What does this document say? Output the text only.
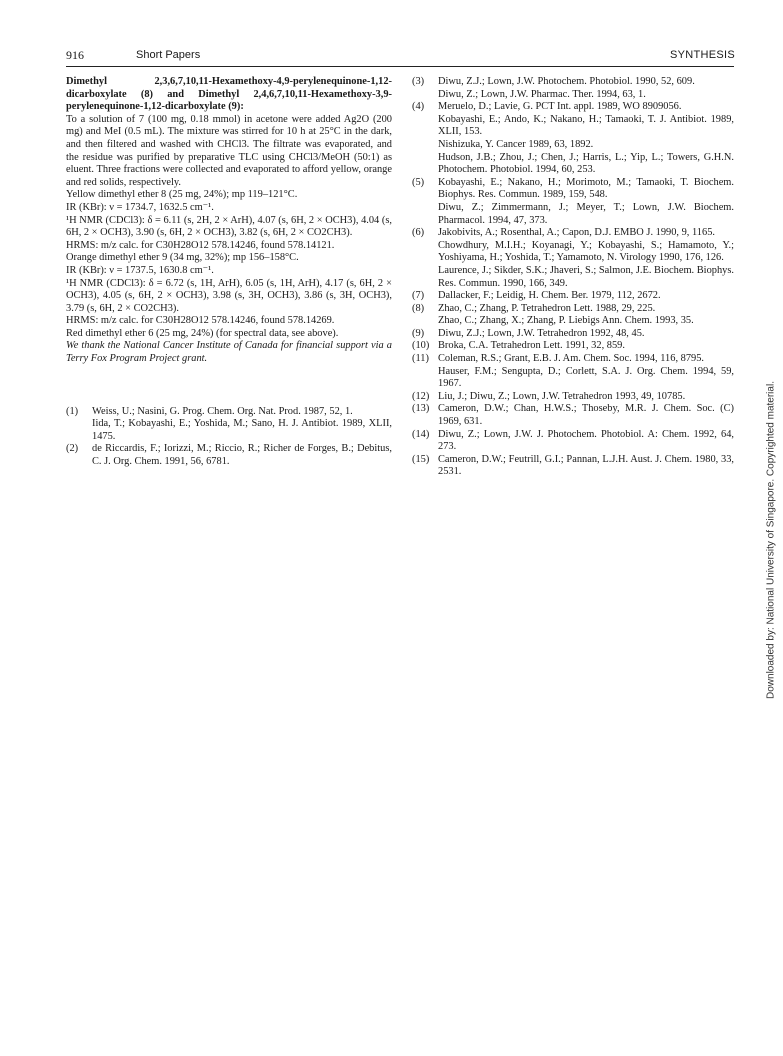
916	Short Papers	SYNTHESIS

Dimethyl 2,3,6,7,10,11-Hexamethoxy-4,9-perylenequinone-1,12-dicarboxylate (8) and Dimethyl 2,4,6,7,10,11-Hexamethoxy-3,9-perylenequinone-1,12-dicarboxylate (9):

To a solution of 7 (100 mg, 0.18 mmol) in acetone were added Ag2O (200 mg) and MeI (0.5 mL). The mixture was stirred for 10 h at 25°C in the dark, and then filtered and washed with CHCl3. The filtrate was evaporated, and the residue was purified by preparative TLC using CHCl3/MeOH (50:1) as eluent. Three fractions were collected and evaporated to afford yellow, orange and red solids, respectively.

Yellow dimethyl ether 8 (25 mg, 24%); mp 119–121°C.

IR (KBr): ν = 1734.7, 1632.5 cm⁻¹.

¹H NMR (CDCl3): δ = 6.11 (s, 2H, 2 × ArH), 4.07 (s, 6H, 2 × OCH3), 4.04 (s, 6H, 2 × OCH3), 3.90 (s, 6H, 2 × OCH3), 3.82 (s, 6H, 2 × CO2CH3).

HRMS: m/z calc. for C30H28O12 578.14246, found 578.14121.

Orange dimethyl ether 9 (34 mg, 32%); mp 156–158°C.

IR (KBr): ν = 1737.5, 1630.8 cm⁻¹.

¹H NMR (CDCl3): δ = 6.72 (s, 1H, ArH), 6.05 (s, 1H, ArH), 4.17 (s, 6H, 2 × OCH3), 4.05 (s, 6H, 2 × OCH3), 3.98 (s, 3H, OCH3), 3.86 (s, 3H, OCH3), 3.79 (s, 6H, 2 × CO2CH3).

HRMS: m/z calc. for C30H28O12 578.14246, found 578.14269.

Red dimethyl ether 6 (25 mg, 24%) (for spectral data, see above).

We thank the National Cancer Institute of Canada for financial support via a Terry Fox Program Project grant.

(1)	Weiss, U.; Nasini, G. Prog. Chem. Org. Nat. Prod. 1987, 52, 1.
Iida, T.; Kobayashi, E.; Yoshida, M.; Sano, H. J. Antibiot. 1989, XLII, 1475.
(2)	de Riccardis, F.; Iorizzi, M.; Riccio, R.; Richer de Forges, B.; Debitus, C. J. Org. Chem. 1991, 56, 6781.
(3)	Diwu, Z.J.; Lown, J.W. Photochem. Photobiol. 1990, 52, 609.
Diwu, Z.; Lown, J.W. Pharmac. Ther. 1994, 63, 1.
(4)	Meruelo, D.; Lavie, G. PCT Int. appl. 1989, WO 8909056.
Kobayashi, E.; Ando, K.; Nakano, H.; Tamaoki, T. J. Antibiot. 1989, XLII, 153.
Nishizuka, Y. Cancer 1989, 63, 1892.
Hudson, J.B.; Zhou, J.; Chen, J.; Harris, L.; Yip, L.; Towers, G.H.N. Photochem. Photobiol. 1994, 60, 253.
(5)	Kobayashi, E.; Nakano, H.; Morimoto, M.; Tamaoki, T. Biochem. Biophys. Res. Commun. 1989, 159, 548.
Diwu, Z.; Zimmermann, J.; Meyer, T.; Lown, J.W. Biochem. Pharmacol. 1994, 47, 373.
(6)	Jakobivits, A.; Rosenthal, A.; Capon, D.J. EMBO J. 1990, 9, 1165.
Chowdhury, M.I.H.; Koyanagi, Y.; Kobayashi, S.; Hamamoto, Y.; Yoshiyama, H.; Yoshida, T.; Yamamoto, N. Virology 1990, 176, 126.
Laurence, J.; Sikder, S.K.; Jhaveri, S.; Salmon, J.E. Biochem. Biophys. Res. Commun. 1990, 166, 349.
(7)	Dallacker, F.; Leidig, H. Chem. Ber. 1979, 112, 2672.
(8)	Zhao, C.; Zhang, P. Tetrahedron Lett. 1988, 29, 225.
Zhao, C.; Zhang, X.; Zhang, P. Liebigs Ann. Chem. 1993, 35.
(9)	Diwu, Z.J.; Lown, J.W. Tetrahedron 1992, 48, 45.
(10) Broka, C.A. Tetrahedron Lett. 1991, 32, 859.
(11) Coleman, R.S.; Grant, E.B. J. Am. Chem. Soc. 1994, 116, 8795.
Hauser, F.M.; Sengupta, D.; Corlett, S.A. J. Org. Chem. 1994, 59, 1967.
(12) Liu, J.; Diwu, Z.; Lown, J.W. Tetrahedron 1993, 49, 10785.
(13) Cameron, D.W.; Chan, H.W.S.; Thoseby, M.R. J. Chem. Soc. (C) 1969, 631.
(14) Diwu, Z.; Lown, J.W. J. Photochem. Photobiol. A: Chem. 1992, 64, 273.
(15) Cameron, D.W.; Feutrill, G.I.; Pannan, L.J.H. Aust. J. Chem. 1980, 33, 2531.	Downloaded by: National University of Singapore. Copyrighted material.
